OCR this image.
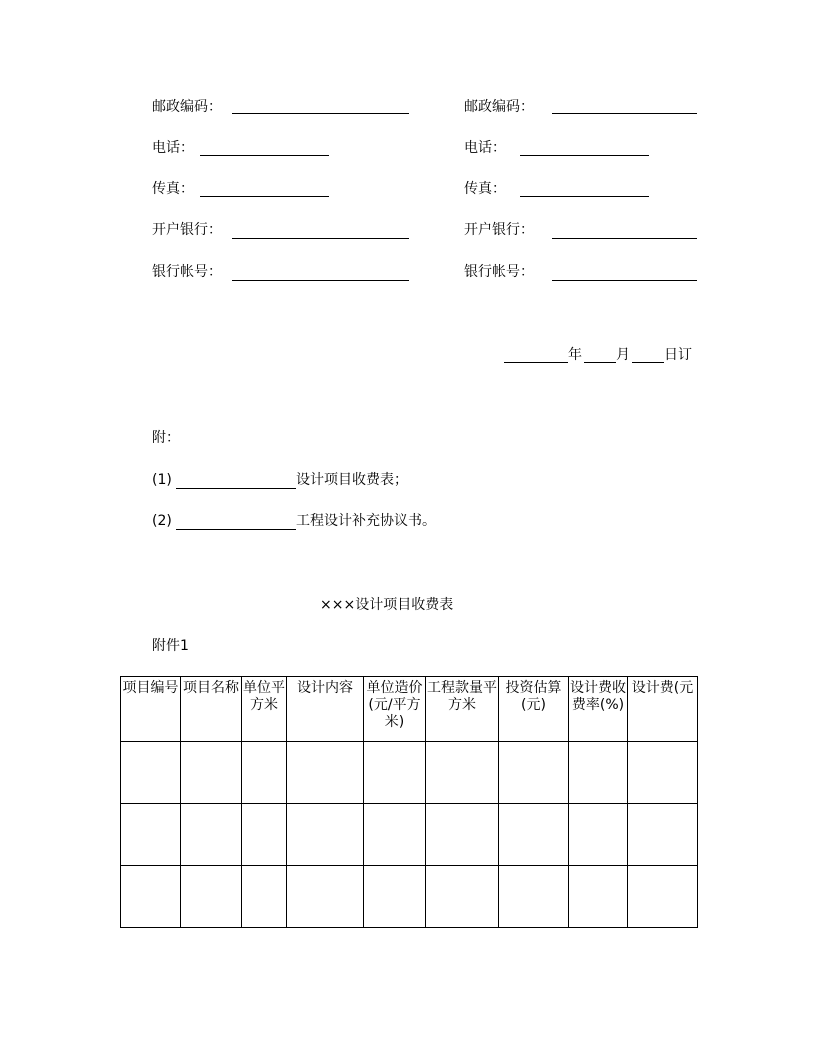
邮政编码：
电话：
传真：
开户银行：
银行帐号：
邮政编码：
电话：
传真：
开户银行：
银行帐号：
年 月 日订
附：
(1)	设计项目收费表；
(2)	工程设计补充协议书。
×××设计项目收费表
附件1
项目编号	项目名称	单位平方米	设计内容	单位造价(元/平方米)	工程款量平方米	投资估算(元)	设计费收费率(%)	设计费(元
